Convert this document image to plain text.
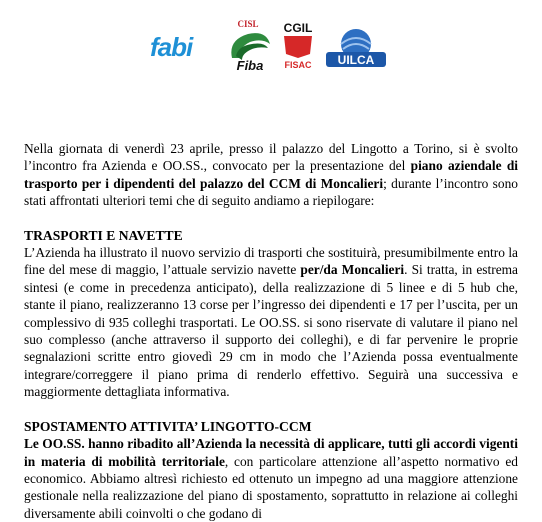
fabi
CISL
Fiba
CGIL
FISAC UILCA

Nella giornata di venerdì 23 aprile, presso il palazzo del Lingotto a Torino, si è svolto l’incontro fra Azienda e OO.SS., convocato per la presentazione del piano aziendale di trasporto per i dipendenti del palazzo del CCM di Moncalieri; durante l’incontro sono stati affrontati ulteriori temi che di seguito andiamo a riepilogare:

TRASPORTI E NAVETTE

L’Azienda ha illustrato il nuovo servizio di trasporti che sostituirà, presumibilmente entro la fine del mese di maggio, l’attuale servizio navette per/da Moncalieri. Si tratta, in estrema sintesi (e come in precedenza anticipato), della realizzazione di 5 linee e di 5 hub che, stante il piano, realizzeranno 13 corse per l’ingresso dei dipendenti e 17 per l’uscita, per un complessivo di 935 colleghi trasportati. Le OO.SS. si sono riservate di valutare il piano nel suo complesso (anche attraverso il supporto dei colleghi), e di far pervenire le proprie segnalazioni scritte entro giovedì 29 cm in modo che l’Azienda possa eventualmente integrare/correggere il piano prima di renderlo effettivo. Seguirà una successiva e maggiormente dettagliata informativa.

SPOSTAMENTO ATTIVITA’ LINGOTTO-CCM

Le OO.SS. hanno ribadito all’Azienda la necessità di applicare, tutti gli accordi vigenti in materia di mobilità territoriale, con particolare attenzione all’aspetto normativo ed economico. Abbiamo altresì richiesto ed ottenuto un impegno ad una maggiore attenzione gestionale nella realizzazione del piano di spostamento, soprattutto in relazione ai colleghi diversamente abili coinvolti o che godano di
